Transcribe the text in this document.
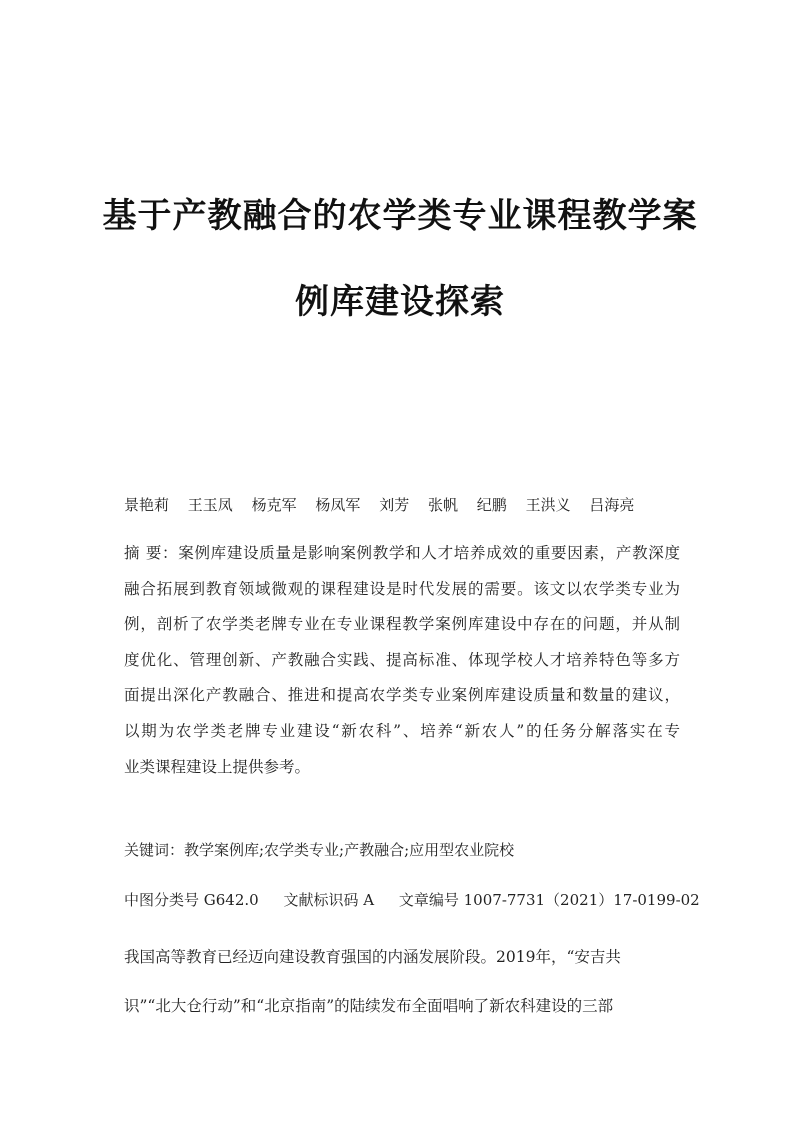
基于产教融合的农学类专业课程教学案
例库建设探索
景艳莉 王玉凤 杨克军 杨凤军 刘芳 张帆 纪鹏 王洪义 吕海亮
摘 要：案例库建设质量是影响案例教学和人才培养成效的重要因素，产教深度
融合拓展到教育领域微观的课程建设是时代发展的需要。该文以农学类专业为
例，剖析了农学类老牌专业在专业课程教学案例库建设中存在的问题，并从制
度优化、管理创新、产教融合实践、提高标准、体现学校人才培养特色等多方
面提出深化产教融合、推进和提高农学类专业案例库建设质量和数量的建议，
以期为农学类老牌专业建设“新农科”、培养“新农人”的任务分解落实在专
业类课程建设上提供参考。
关键词：教学案例库;农学类专业;产教融合;应用型农业院校
中图分类号 G642.0 文献标识码 A 文章编号 1007-7731（2021）17-0199-02
我国高等教育已经迈向建设教育强国的内涵发展阶段。2019年，“安吉共
识”“北大仓行动”和“北京指南”的陆续发布全面唱响了新农科建设的三部
